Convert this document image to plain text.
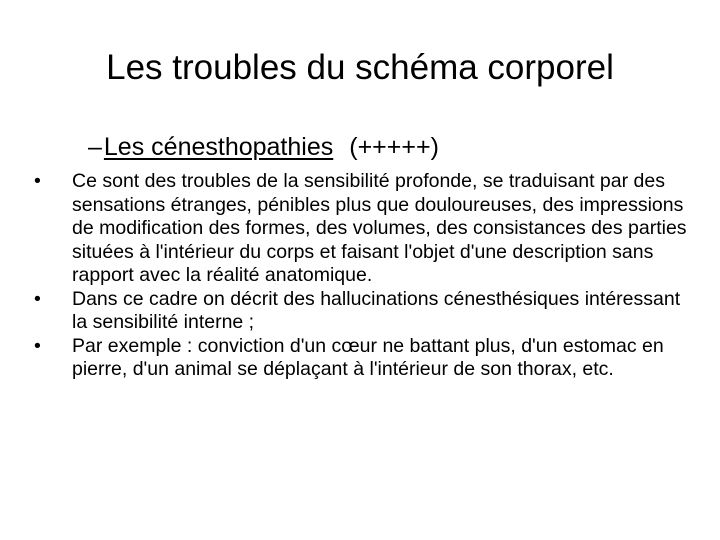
Les troubles du schéma corporel
–Les cénesthopathies (+++++)
•	Ce sont des troubles de la sensibilité profonde, se traduisant par des sensations étranges, pénibles plus que douloureuses, des impressions de modification des formes, des volumes, des consistances des parties situées à l'intérieur du corps et faisant l'objet d'une description sans rapport avec la réalité anatomique.
•	Dans ce cadre on décrit des hallucinations cénesthésiques intéressant la sensibilité interne ;
•	Par exemple : conviction d'un cœur ne battant plus, d'un estomac en pierre, d'un animal se déplaçant à l'intérieur de son thorax, etc.
